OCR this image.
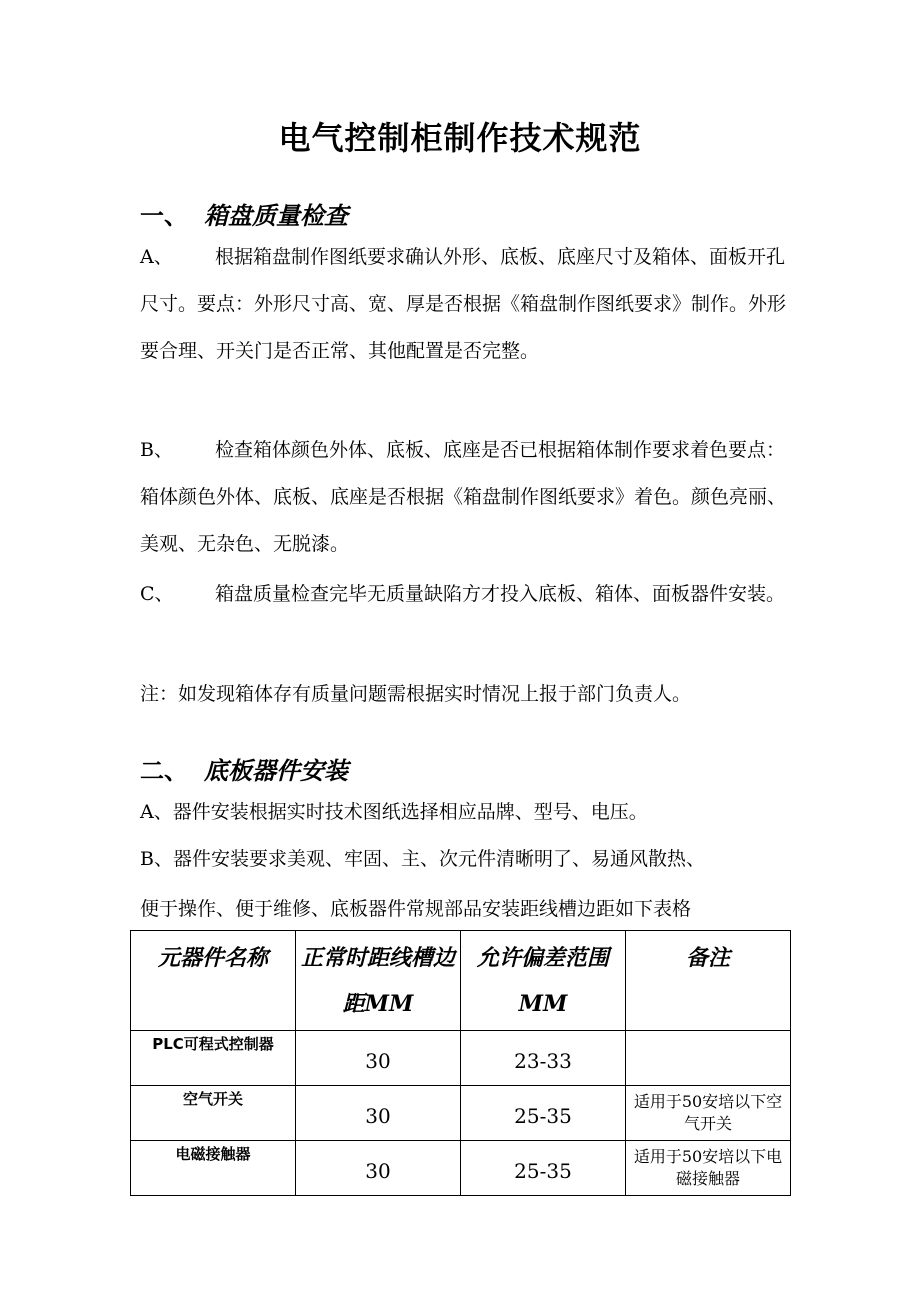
电气控制柜制作技术规范
一、 箱盘质量检查
A、 根据箱盘制作图纸要求确认外形、底板、底座尺寸及箱体、面板开孔尺寸。要点：外形尺寸高、宽、厚是否根据《箱盘制作图纸要求》制作。外形要合理、开关门是否正常、其他配置是否完整。
B、 检查箱体颜色外体、底板、底座是否已根据箱体制作要求着色要点：箱体颜色外体、底板、底座是否根据《箱盘制作图纸要求》着色。颜色亮丽、美观、无杂色、无脱漆。
C、 箱盘质量检查完毕无质量缺陷方才投入底板、箱体、面板器件安装。
注：如发现箱体存有质量问题需根据实时情况上报于部门负责人。
二、 底板器件安装
A、器件安装根据实时技术图纸选择相应品牌、型号、电压。
B、器件安装要求美观、牢固、主、次元件清晰明了、易通风散热、
便于操作、便于维修、底板器件常规部品安装距线槽边距如下表格
元器件名称	正常时距线槽边距MM	允许偏差范围MM	备注
PLC可程式控制器	30	23-33	
空气开关	30	25-35	适用于50安培以下空气开关
电磁接触器	30	25-35	适用于50安培以下电磁接触器
